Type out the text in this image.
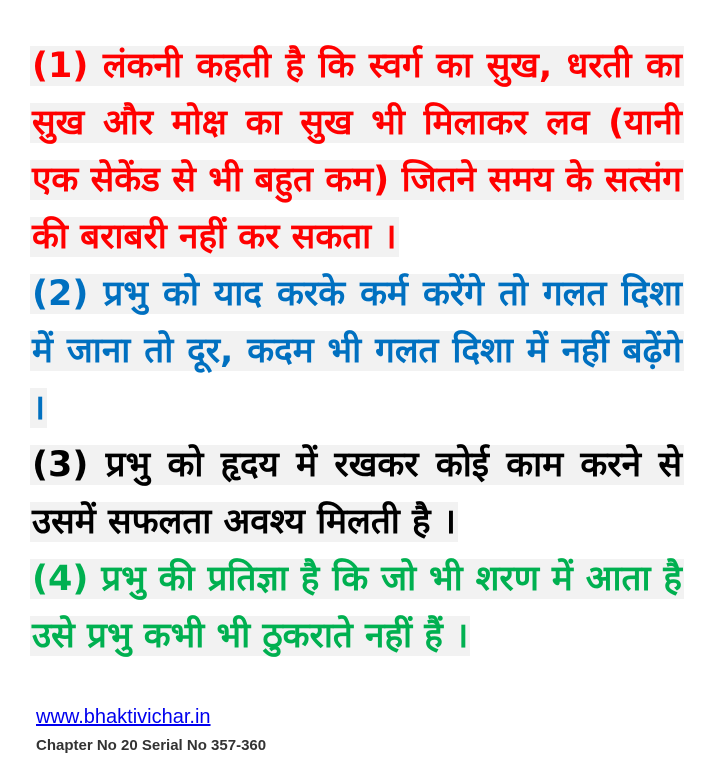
(1) लंकनी कहती है कि स्वर्ग का सुख, धरती का सुख और मोक्ष का सुख भी मिलाकर लव (यानी एक सेकेंड से भी बहुत कम) जितने समय के सत्संग की बराबरी नहीं कर सकता ।

(2) प्रभु को याद करके कर्म करेंगे तो गलत दिशा में जाना तो दूर, कदम भी गलत दिशा में नहीं बढ़ेंगे ।

(3) प्रभु को हृदय में रखकर कोई काम करने से उसमें सफलता अवश्य मिलती है ।

(4) प्रभु की प्रतिज्ञा है कि जो भी शरण में आता है उसे प्रभु कभी भी ठुकराते नहीं हैं ।

www.bhaktivichar.in
Chapter No 20 Serial No 357-360
